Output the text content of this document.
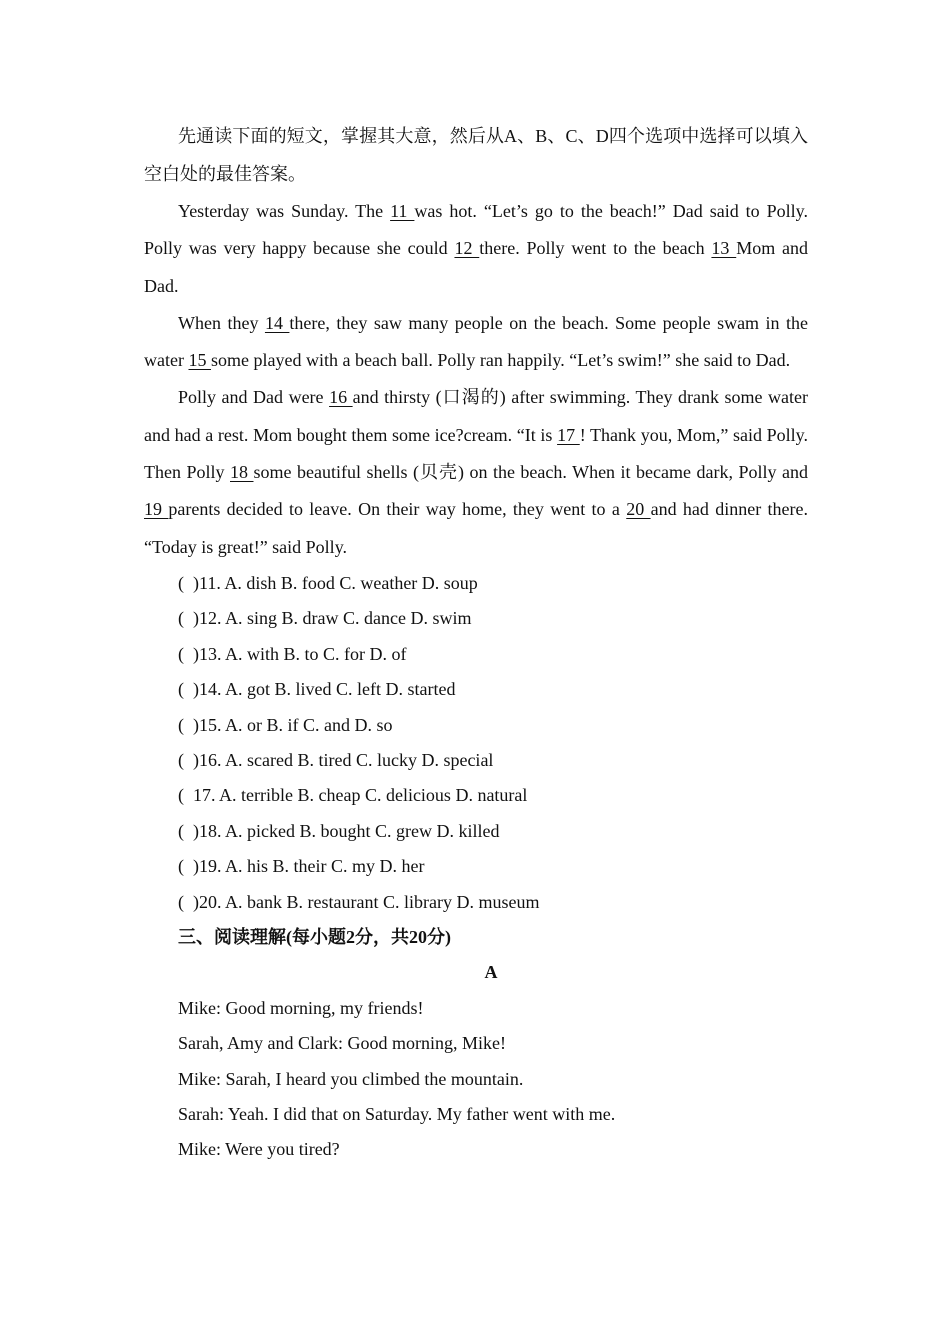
先通读下面的短文，掌握其大意，然后从A、B、C、D四个选项中选择可以填入空白处的最佳答案。

Yesterday was Sunday. The 11 was hot. “Let’s go to the beach!” Dad said to Polly. Polly was very happy because she could 12 there. Polly went to the beach 13 Mom and Dad.

When they 14 there, they saw many people on the beach. Some people swam in the water 15 some played with a beach ball. Polly ran happily. “Let’s swim!” she said to Dad.

Polly and Dad were 16 and thirsty (口渴的) after swimming. They drank some water and had a rest. Mom bought them some ice?cream. “It is 17 ! Thank you, Mom,” said Polly. Then Polly 18 some beautiful shells (贝壳) on the beach. When it became dark, Polly and 19 parents decided to leave. On their way home, they went to a 20 and had dinner there. “Today is great!” said Polly.

( )11. A. dish B. food C. weather D. soup

( )12. A. sing B. draw C. dance D. swim

( )13. A. with B. to C. for D. of

( )14. A. got B. lived C. left D. started

( )15. A. or B. if C. and D. so

( )16. A. scared B. tired C. lucky D. special

( 17. A. terrible B. cheap C. delicious D. natural

( )18. A. picked B. bought C. grew D. killed

( )19. A. his B. their C. my D. her

( )20. A. bank B. restaurant C. library D. museum

三、阅读理解(每小题2分，共20分)

A

Mike: Good morning, my friends!

Sarah, Amy and Clark: Good morning, Mike!

Mike: Sarah, I heard you climbed the mountain.

Sarah: Yeah. I did that on Saturday. My father went with me.

Mike: Were you tired?
